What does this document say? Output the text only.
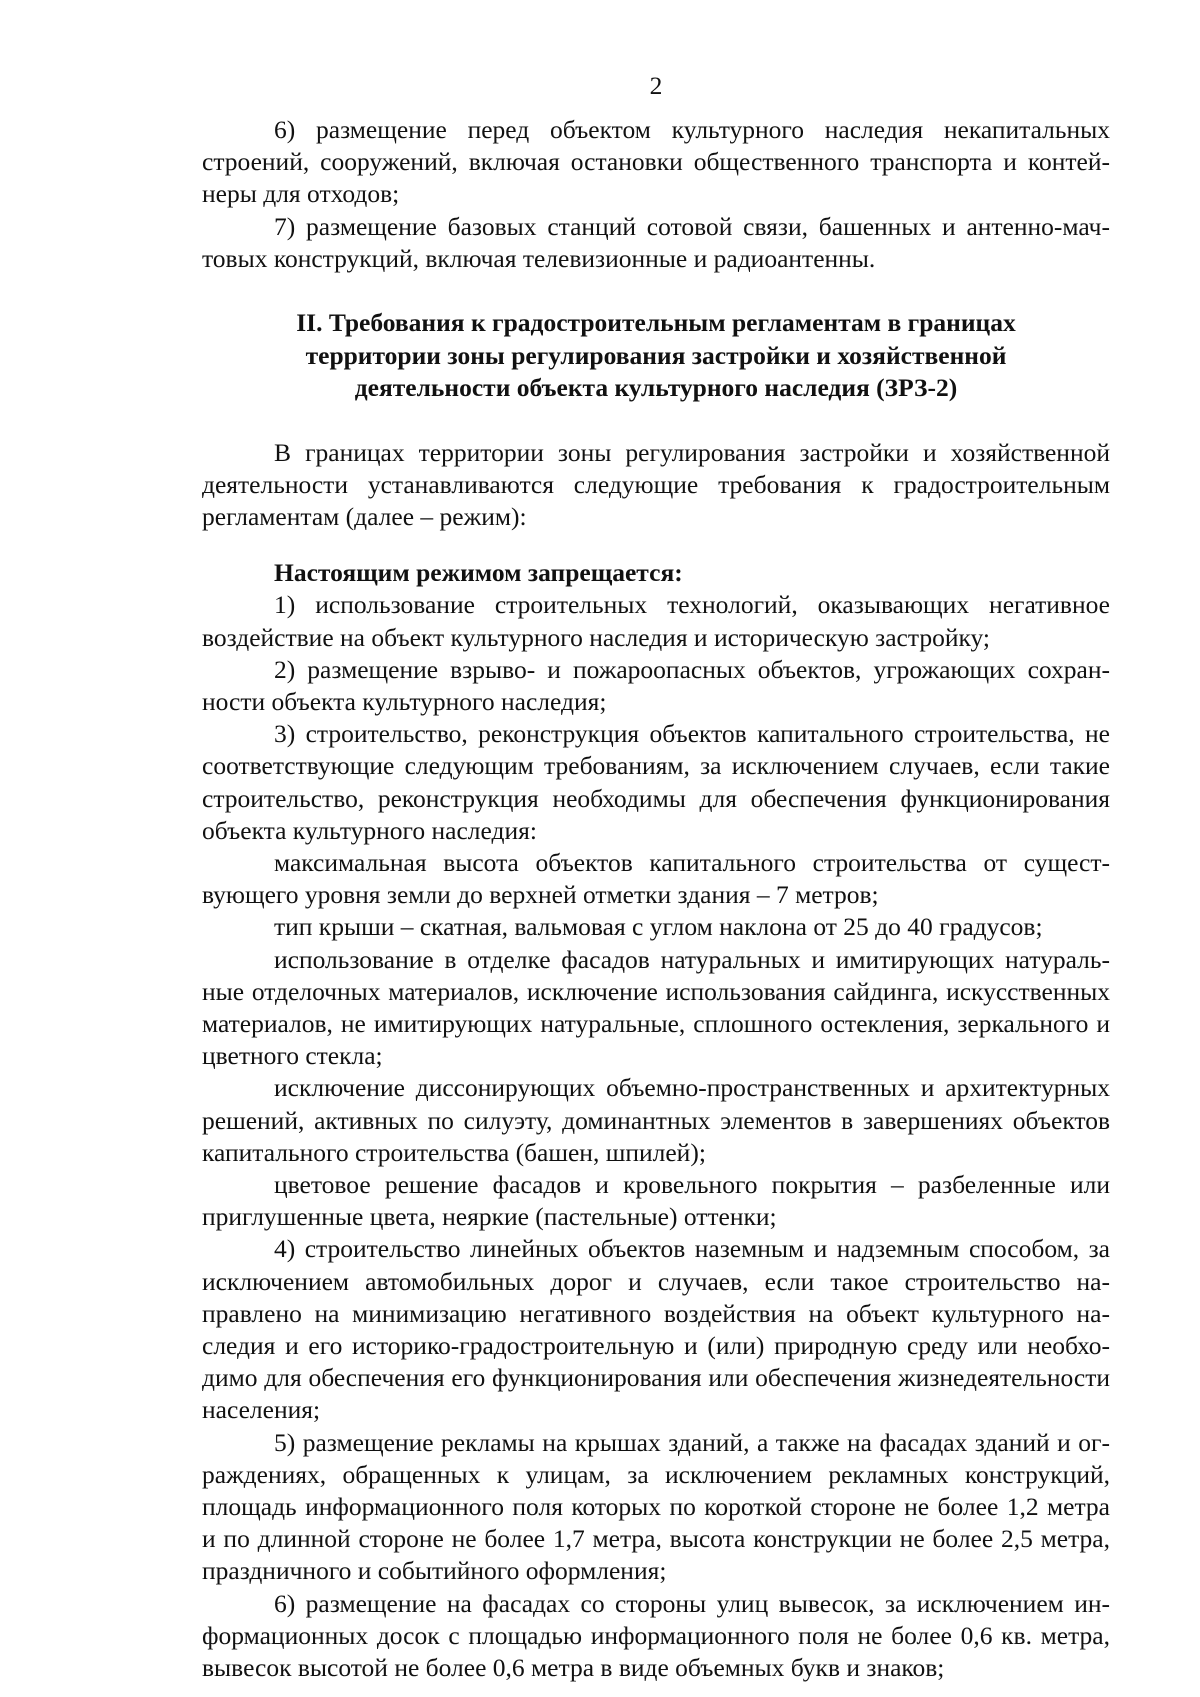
2

6) размещение перед объектом культурного наследия некапитальных строений, сооружений, включая остановки общественного транспорта и контейнеры для отходов;

7) размещение базовых станций сотовой связи, башенных и антенно-мачтовых конструкций, включая телевизионные и радиоантенны.

II. Требования к градостроительным регламентам в границах территории зоны регулирования застройки и хозяйственной деятельности объекта культурного наследия (ЗРЗ-2)

В границах территории зоны регулирования застройки и хозяйственной деятельности устанавливаются следующие требования к градостроительным регламентам (далее – режим):

Настоящим режимом запрещается:

1) использование строительных технологий, оказывающих негативное воздействие на объект культурного наследия и историческую застройку;

2) размещение взрыво- и пожароопасных объектов, угрожающих сохранности объекта культурного наследия;

3) строительство, реконструкция объектов капитального строительства, не соответствующие следующим требованиям, за исключением случаев, если такие строительство, реконструкция необходимы для обеспечения функционирования объекта культурного наследия:

максимальная высота объектов капитального строительства от существующего уровня земли до верхней отметки здания – 7 метров;

тип крыши – скатная, вальмовая с углом наклона от 25 до 40 градусов;

использование в отделке фасадов натуральных и имитирующих натуральные отделочных материалов, исключение использования сайдинга, искусственных материалов, не имитирующих натуральные, сплошного остекления, зеркального и цветного стекла;

исключение диссонирующих объемно-пространственных и архитектурных решений, активных по силуэту, доминантных элементов в завершениях объектов капитального строительства (башен, шпилей);

цветовое решение фасадов и кровельного покрытия – разбеленные или приглушенные цвета, неяркие (пастельные) оттенки;

4) строительство линейных объектов наземным и надземным способом, за исключением автомобильных дорог и случаев, если такое строительство направлено на минимизацию негативного воздействия на объект культурного наследия и его историко-градостроительную и (или) природную среду или необходимо для обеспечения его функционирования или обеспечения жизнедеятельности населения;

5) размещение рекламы на крышах зданий, а также на фасадах зданий и ограждениях, обращенных к улицам, за исключением рекламных конструкций, площадь информационного поля которых по короткой стороне не более 1,2 метра и по длинной стороне не более 1,7 метра, высота конструкции не более 2,5 метра, праздничного и событийного оформления;

6) размещение на фасадах со стороны улиц вывесок, за исключением информационных досок с площадью информационного поля не более 0,6 кв. метра, вывесок высотой не более 0,6 метра в виде объемных букв и знаков;
